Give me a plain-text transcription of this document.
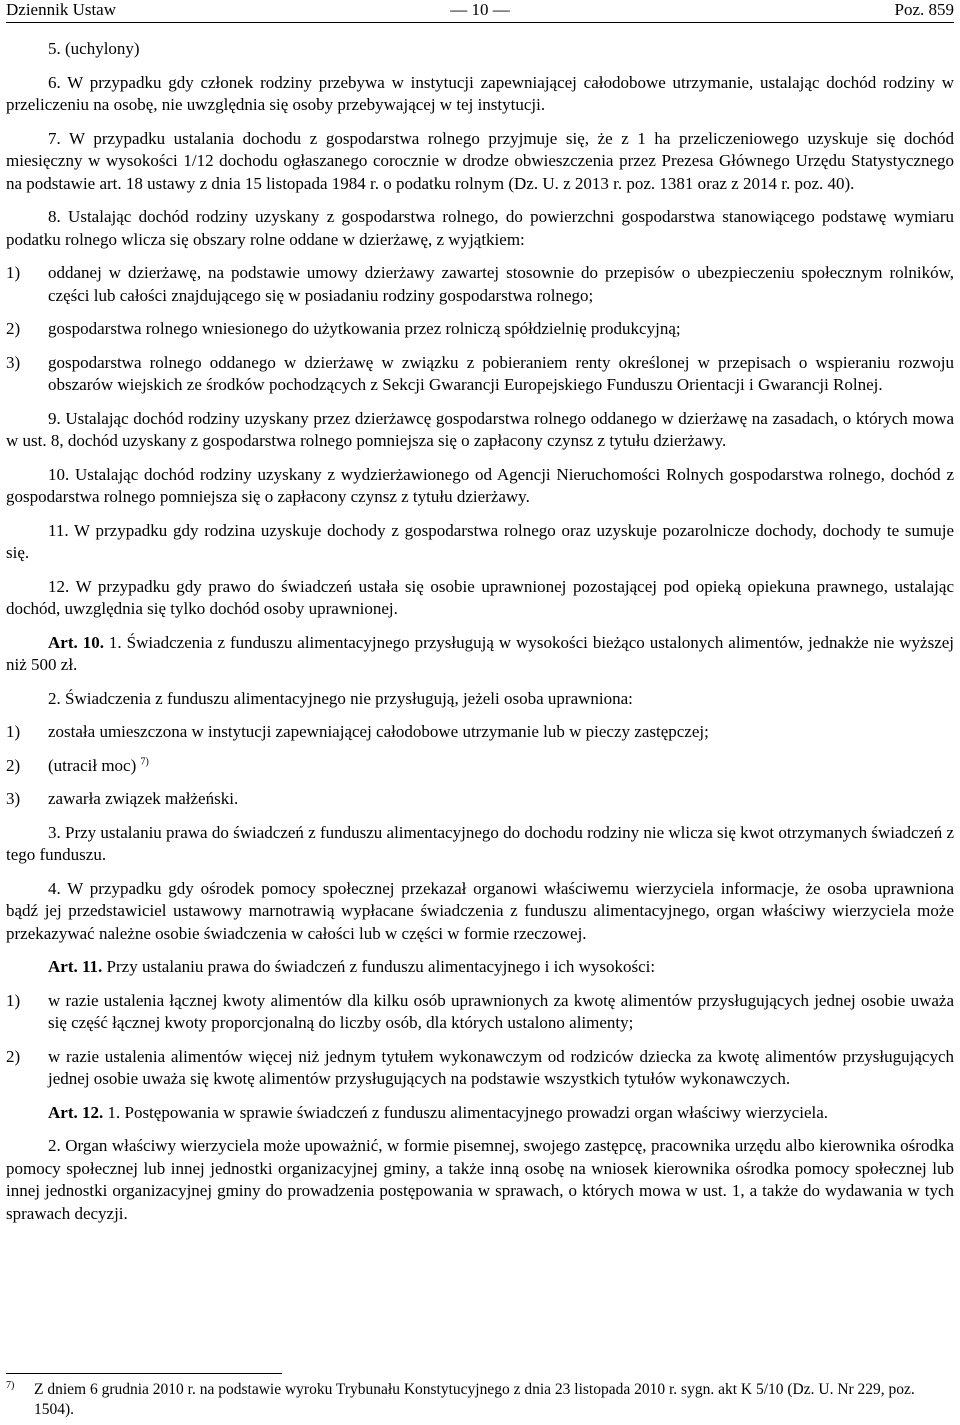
Dziennik Ustaw	— 10 —	Poz. 859

5. (uchylony)

6. W przypadku gdy członek rodziny przebywa w instytucji zapewniającej całodobowe utrzymanie, ustalając dochód rodziny w przeliczeniu na osobę, nie uwzględnia się osoby przebywającej w tej instytucji.

7. W przypadku ustalania dochodu z gospodarstwa rolnego przyjmuje się, że z 1 ha przeliczeniowego uzyskuje się dochód miesięczny w wysokości 1/12 dochodu ogłaszanego corocznie w drodze obwieszczenia przez Prezesa Głównego Urzędu Statystycznego na podstawie art. 18 ustawy z dnia 15 listopada 1984 r. o podatku rolnym (Dz. U. z 2013 r. poz. 1381 oraz z 2014 r. poz. 40).

8. Ustalając dochód rodziny uzyskany z gospodarstwa rolnego, do powierzchni gospodarstwa stanowiącego podstawę wymiaru podatku rolnego wlicza się obszary rolne oddane w dzierżawę, z wyjątkiem:

1) oddanej w dzierżawę, na podstawie umowy dzierżawy zawartej stosownie do przepisów o ubezpieczeniu społecznym rolników, części lub całości znajdującego się w posiadaniu rodziny gospodarstwa rolnego;
2) gospodarstwa rolnego wniesionego do użytkowania przez rolniczą spółdzielnię produkcyjną;
3) gospodarstwa rolnego oddanego w dzierżawę w związku z pobieraniem renty określonej w przepisach o wspieraniu rozwoju obszarów wiejskich ze środków pochodzących z Sekcji Gwarancji Europejskiego Funduszu Orientacji i Gwarancji Rolnej.

9. Ustalając dochód rodziny uzyskany przez dzierżawcę gospodarstwa rolnego oddanego w dzierżawę na zasadach, o których mowa w ust. 8, dochód uzyskany z gospodarstwa rolnego pomniejsza się o zapłacony czynsz z tytułu dzierżawy.

10. Ustalając dochód rodziny uzyskany z wydzierżawionego od Agencji Nieruchomości Rolnych gospodarstwa rolnego, dochód z gospodarstwa rolnego pomniejsza się o zapłacony czynsz z tytułu dzierżawy.

11. W przypadku gdy rodzina uzyskuje dochody z gospodarstwa rolnego oraz uzyskuje pozarolnicze dochody, dochody te sumuje się.

12. W przypadku gdy prawo do świadczeń ustała się osobie uprawnionej pozostającej pod opieką opiekuna prawnego, ustalając dochód, uwzględnia się tylko dochód osoby uprawnionej.

Art. 10. 1. Świadczenia z funduszu alimentacyjnego przysługują w wysokości bieżąco ustalonych alimentów, jednakże nie wyższej niż 500 zł.

2. Świadczenia z funduszu alimentacyjnego nie przysługują, jeżeli osoba uprawniona:

1) została umieszczona w instytucji zapewniającej całodobowe utrzymanie lub w pieczy zastępczej;
2) (utracił moc) $^{7)}$
3) zawarła związek małżeński.

3. Przy ustalaniu prawa do świadczeń z funduszu alimentacyjnego do dochodu rodziny nie wlicza się kwot otrzymanych świadczeń z tego funduszu.

4. W przypadku gdy ośrodek pomocy społecznej przekazał organowi właściwemu wierzyciela informacje, że osoba uprawniona bądź jej przedstawiciel ustawowy marnotrawią wypłacane świadczenia z funduszu alimentacyjnego, organ właściwy wierzyciela może przekazywać należne osobie świadczenia w całości lub w części w formie rzeczowej.

Art. 11. Przy ustalaniu prawa do świadczeń z funduszu alimentacyjnego i ich wysokości:

1) w razie ustalenia łącznej kwoty alimentów dla kilku osób uprawnionych za kwotę alimentów przysługujących jednej osobie uważa się część łącznej kwoty proporcjonalną do liczby osób, dla których ustalono alimenty;
2) w razie ustalenia alimentów więcej niż jednym tytułem wykonawczym od rodziców dziecka za kwotę alimentów przysługujących jednej osobie uważa się kwotę alimentów przysługujących na podstawie wszystkich tytułów wykonawczych.

Art. 12. 1. Postępowania w sprawie świadczeń z funduszu alimentacyjnego prowadzi organ właściwy wierzyciela.

2. Organ właściwy wierzyciela może upoważnić, w formie pisemnej, swojego zastępcę, pracownika urzędu albo kierownika ośrodka pomocy społecznej lub innej jednostki organizacyjnej gminy, a także inną osobę na wniosek kierownika ośrodka pomocy społecznej lub innej jednostki organizacyjnej gminy do prowadzenia postępowania w sprawach, o których mowa w ust. 1, a także do wydawania w tych sprawach decyzji.

7) Z dniem 6 grudnia 2010 r. na podstawie wyroku Trybunału Konstytucyjnego z dnia 23 listopada 2010 r. sygn. akt K 5/10 (Dz. U. Nr 229, poz. 1504).
